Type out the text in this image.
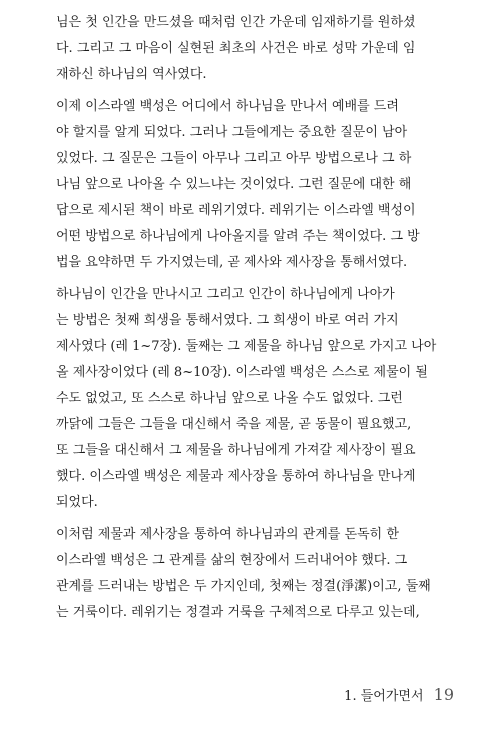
님은 첫 인간을 만드셨을 때처럼 인간 가운데 임재하기를 원하셨
다. 그리고 그 마음이 실현된 최초의 사건은 바로 성막 가운데 임
재하신 하나님의 역사였다.
이제 이스라엘 백성은 어디에서 하나님을 만나서 예배를 드려
야 할지를 알게 되었다. 그러나 그들에게는 중요한 질문이 남아
있었다. 그 질문은 그들이 아무나 그리고 아무 방법으로나 그 하
나님 앞으로 나아올 수 있느냐는 것이었다. 그런 질문에 대한 해
답으로 제시된 책이 바로 레위기였다. 레위기는 이스라엘 백성이
어떤 방법으로 하나님에게 나아올지를 알려 주는 책이었다. 그 방
법을 요약하면 두 가지였는데, 곧 제사와 제사장을 통해서였다.
하나님이 인간을 만나시고 그리고 인간이 하나님에게 나아가
는 방법은 첫째 희생을 통해서였다. 그 희생이 바로 여러 가지
제사였다 (레 1~7장). 둘째는 그 제물을 하나님 앞으로 가지고 나아
올 제사장이었다 (레 8~10장). 이스라엘 백성은 스스로 제물이 될
수도 없었고, 또 스스로 하나님 앞으로 나올 수도 없었다. 그런
까닭에 그들은 그들을 대신해서 죽을 제물, 곧 동물이 필요했고,
또 그들을 대신해서 그 제물을 하나님에게 가져갈 제사장이 필요
했다. 이스라엘 백성은 제물과 제사장을 통하여 하나님을 만나게
되었다.
이처럼 제물과 제사장을 통하여 하나님과의 관계를 돈독히 한
이스라엘 백성은 그 관계를 삶의 현장에서 드러내어야 했다. 그
관계를 드러내는 방법은 두 가지인데, 첫째는 정결(淨潔)이고, 둘째
는 거룩이다. 레위기는 정결과 거룩을 구체적으로 다루고 있는데,
1. 들어가면서 19
